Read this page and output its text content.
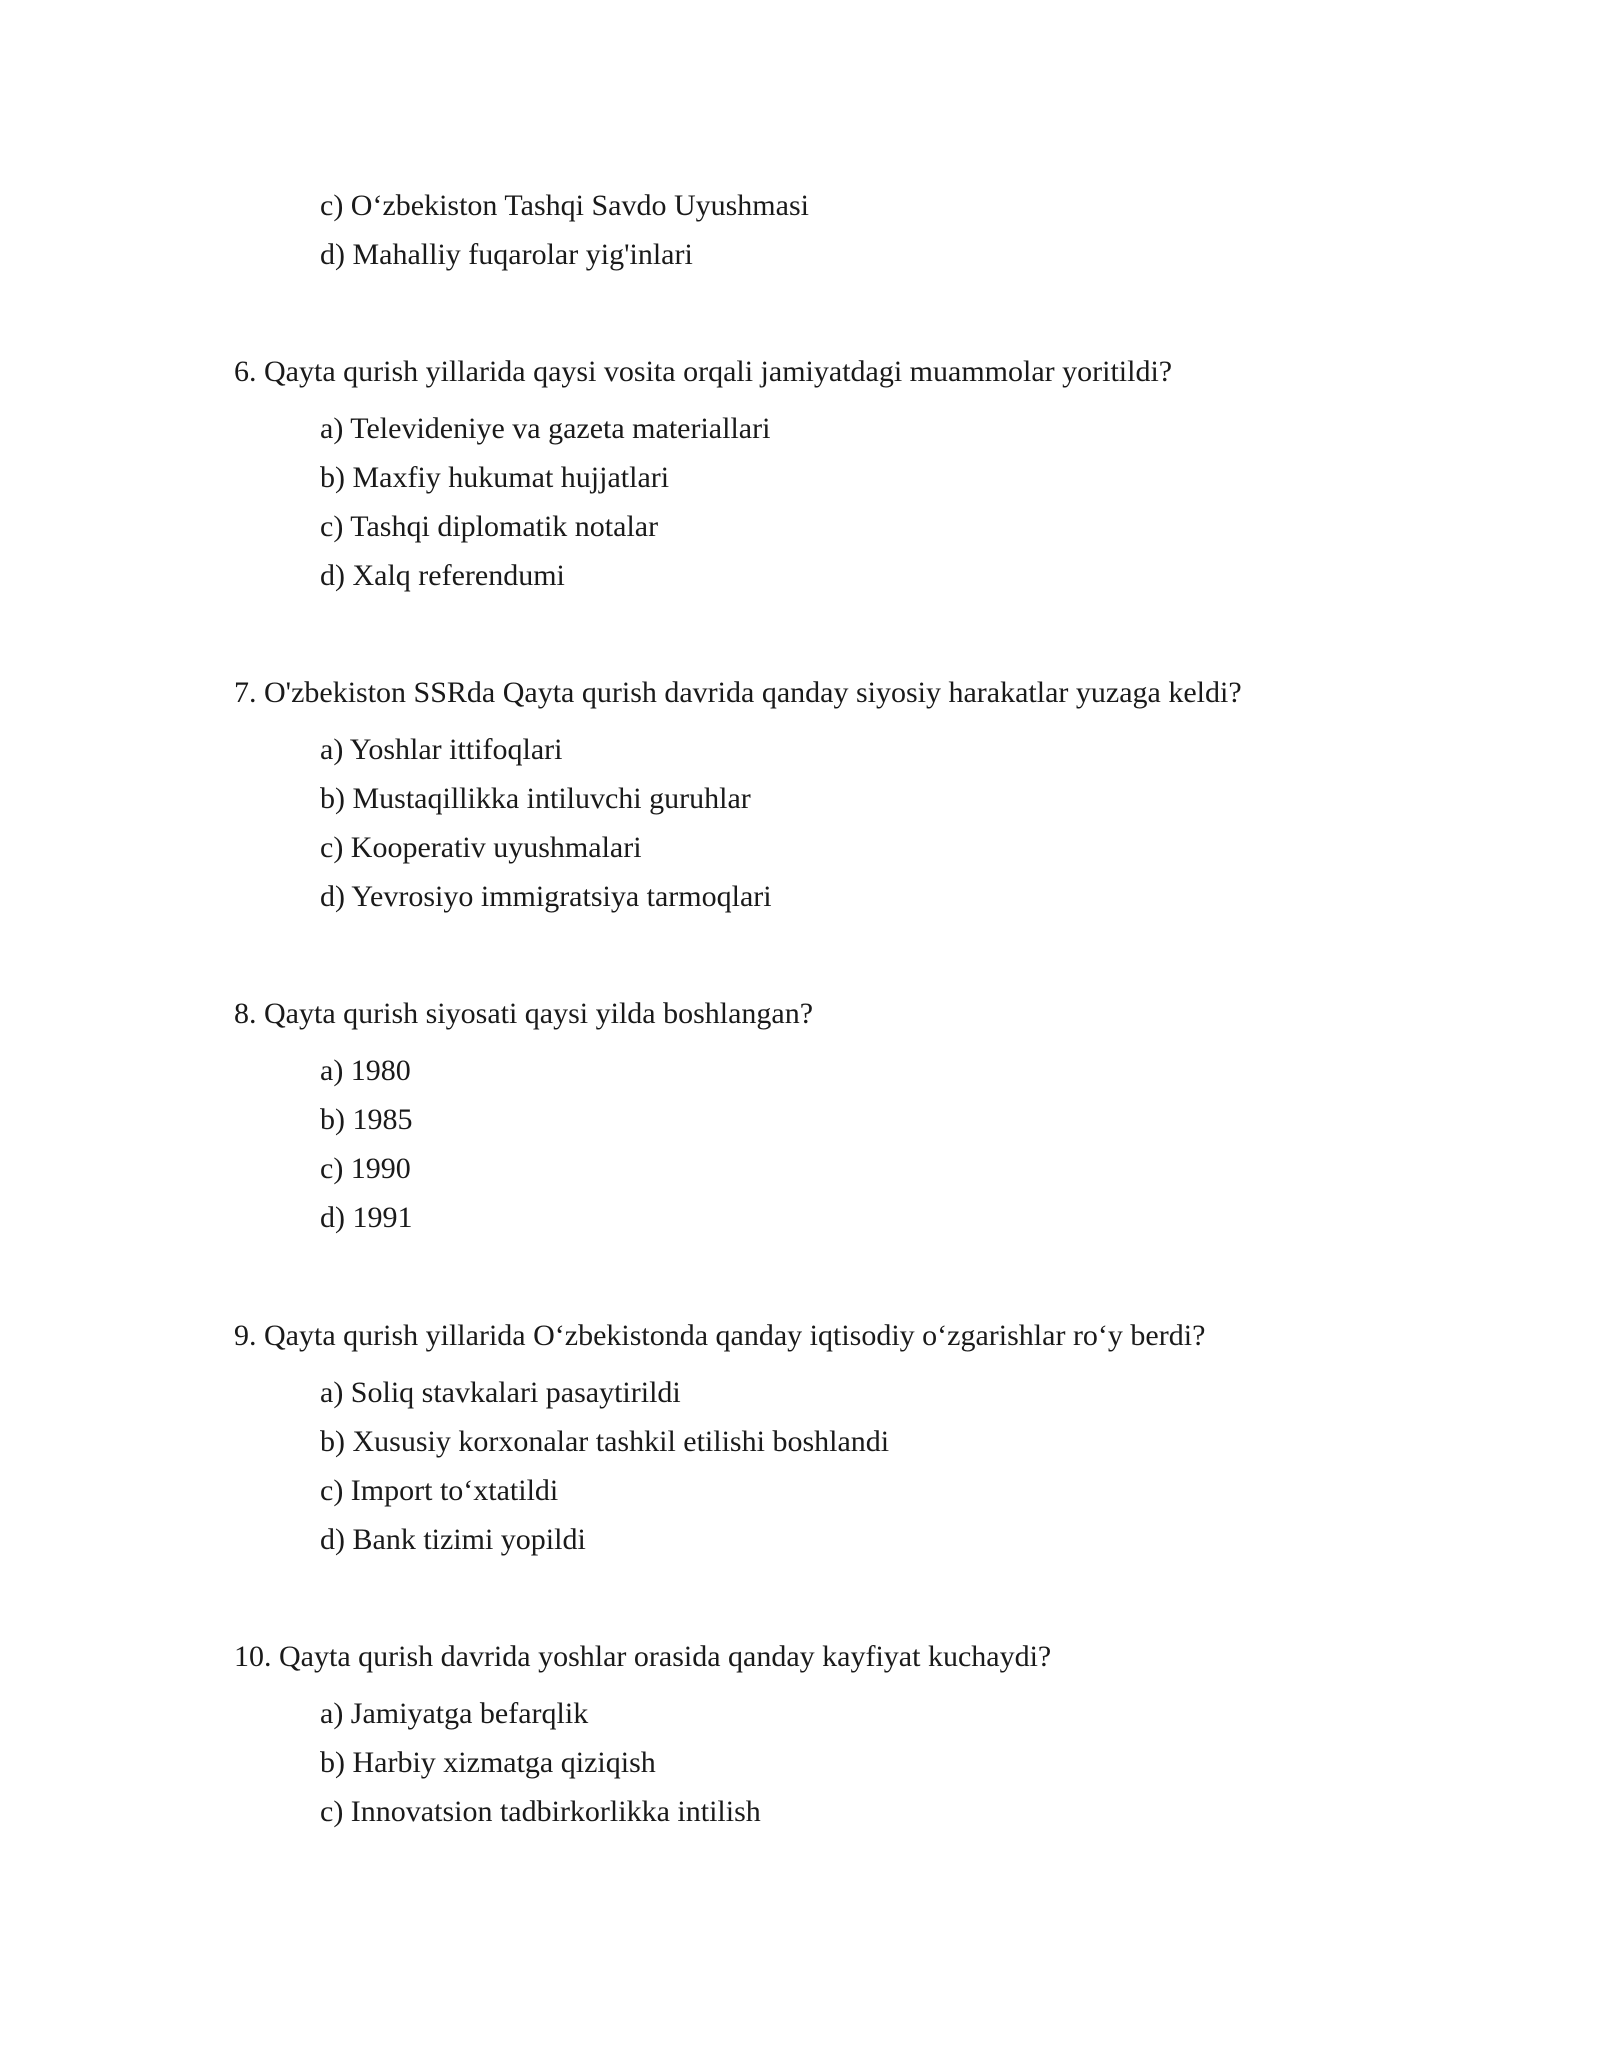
c) O‘zbekiston Tashqi Savdo Uyushmasi
d) Mahalliy fuqarolar yig'inlari
6. Qayta qurish yillarida qaysi vosita orqali jamiyatdagi muammolar yoritildi?
a) Televideniye va gazeta materiallari
b) Maxfiy hukumat hujjatlari
c) Tashqi diplomatik notalar
d) Xalq referendumi
7. O'zbekiston SSRda Qayta qurish davrida qanday siyosiy harakatlar yuzaga keldi?
a) Yoshlar ittifoqlari
b) Mustaqillikka intiluvchi guruhlar
c) Kooperativ uyushmalari
d) Yevrosiyo immigratsiya tarmoqlari
8. Qayta qurish siyosati qaysi yilda boshlangan?
a) 1980
b) 1985
c) 1990
d) 1991
9. Qayta qurish yillarida O‘zbekistonda qanday iqtisodiy o‘zgarishlar ro‘y berdi?
a) Soliq stavkalari pasaytirildi
b) Xususiy korxonalar tashkil etilishi boshlandi
c) Import to‘xtatildi
d) Bank tizimi yopildi
10. Qayta qurish davrida yoshlar orasida qanday kayfiyat kuchaydi?
a) Jamiyatga befarqlik
b) Harbiy xizmatga qiziqish
c) Innovatsion tadbirkorlikka intilish
